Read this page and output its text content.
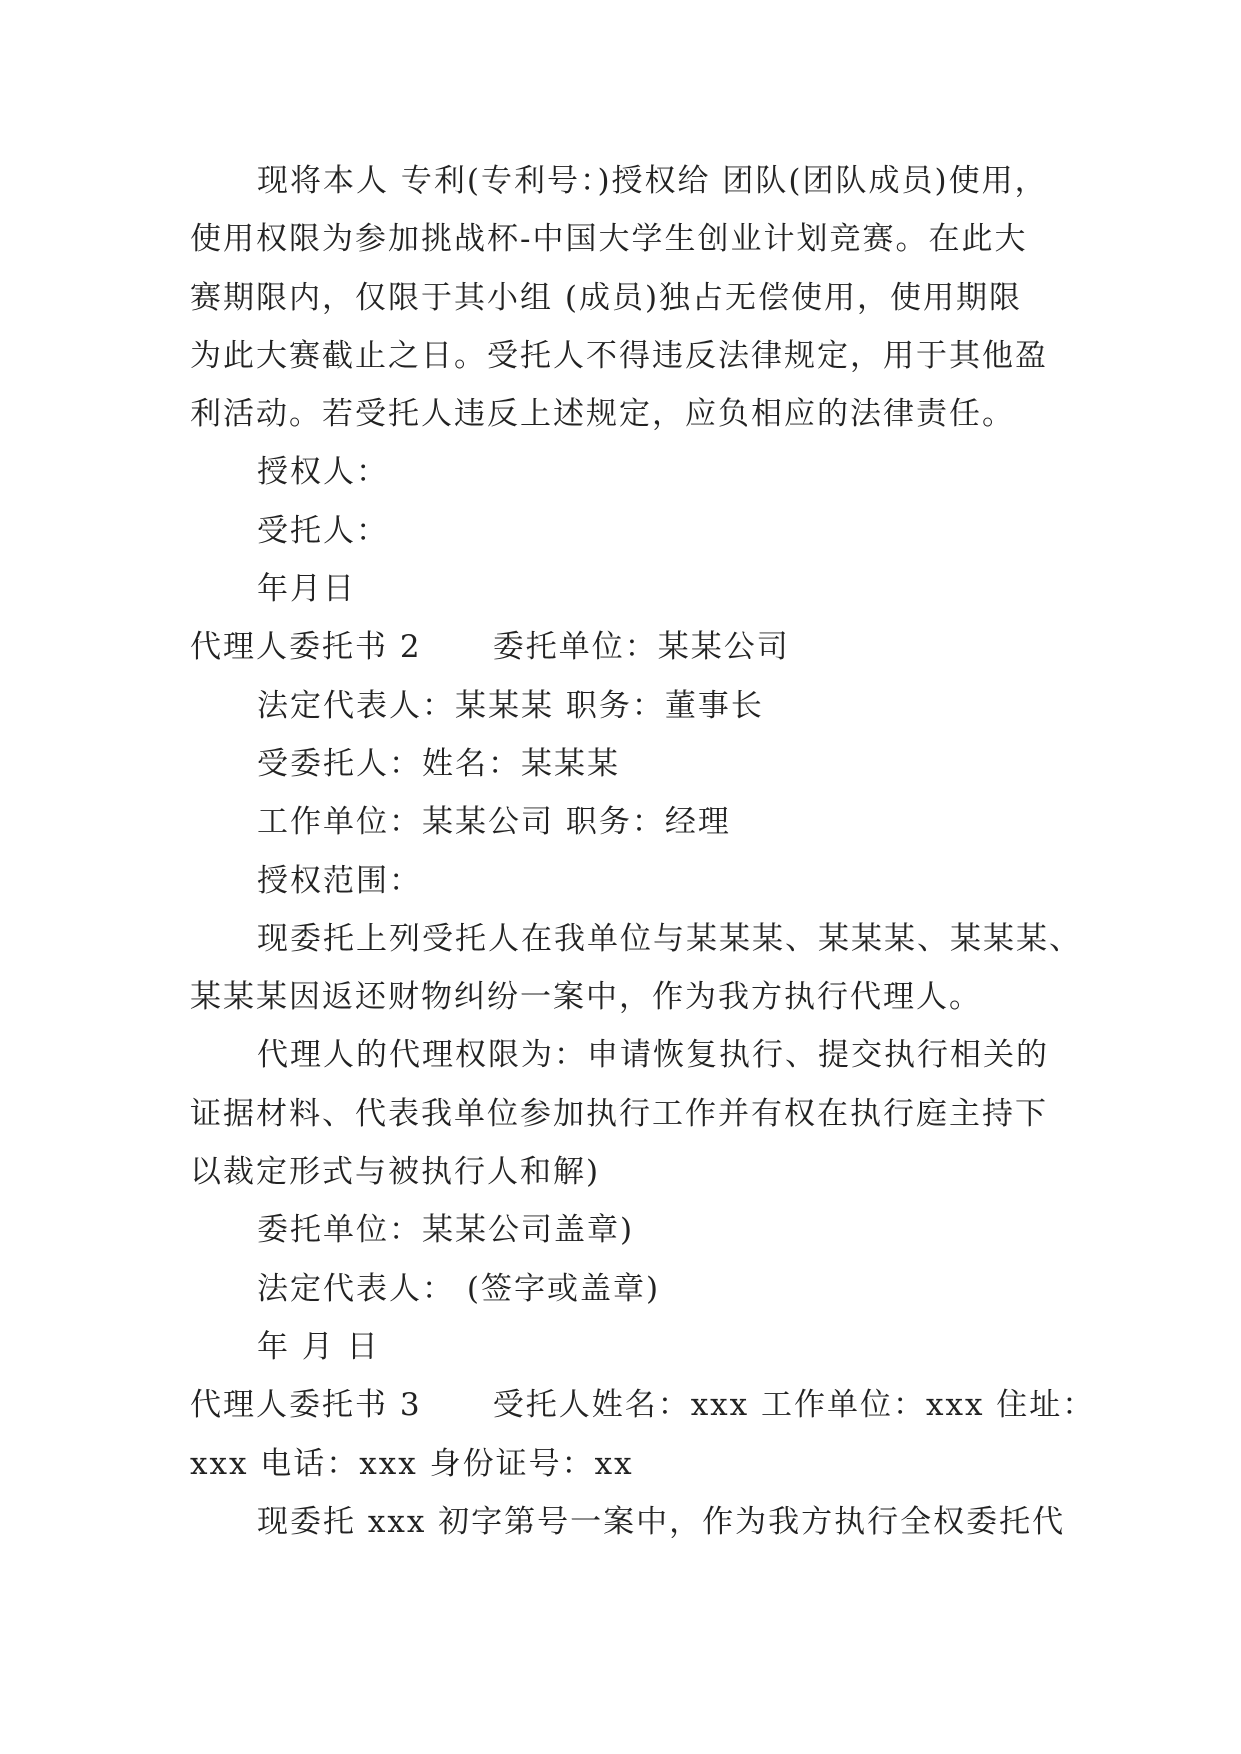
现将本人 专利(专利号：)授权给 团队(团队成员)使用，
使用权限为参加挑战杯-中国大学生创业计划竞赛。在此大
赛期限内，仅限于其小组 (成员)独占无偿使用，使用期限
为此大赛截止之日。受托人不得违反法律规定，用于其他盈
利活动。若受托人违反上述规定，应负相应的法律责任。
授权人：
受托人：
年月日
代理人委托书 2      委托单位：某某公司
法定代表人：某某某 职务：董事长
受委托人：姓名：某某某
工作单位：某某公司 职务：经理
授权范围：
现委托上列受托人在我单位与某某某、某某某、某某某、
某某某因返还财物纠纷一案中，作为我方执行代理人。
代理人的代理权限为：申请恢复执行、提交执行相关的
证据材料、代表我单位参加执行工作并有权在执行庭主持下
以裁定形式与被执行人和解)
委托单位：某某公司盖章)
法定代表人： (签字或盖章)
年 月 日
代理人委托书 3      受托人姓名：xxx 工作单位：xxx 住址：
xxx 电话：xxx 身份证号：xx
现委托 xxx 初字第号一案中，作为我方执行全权委托代
